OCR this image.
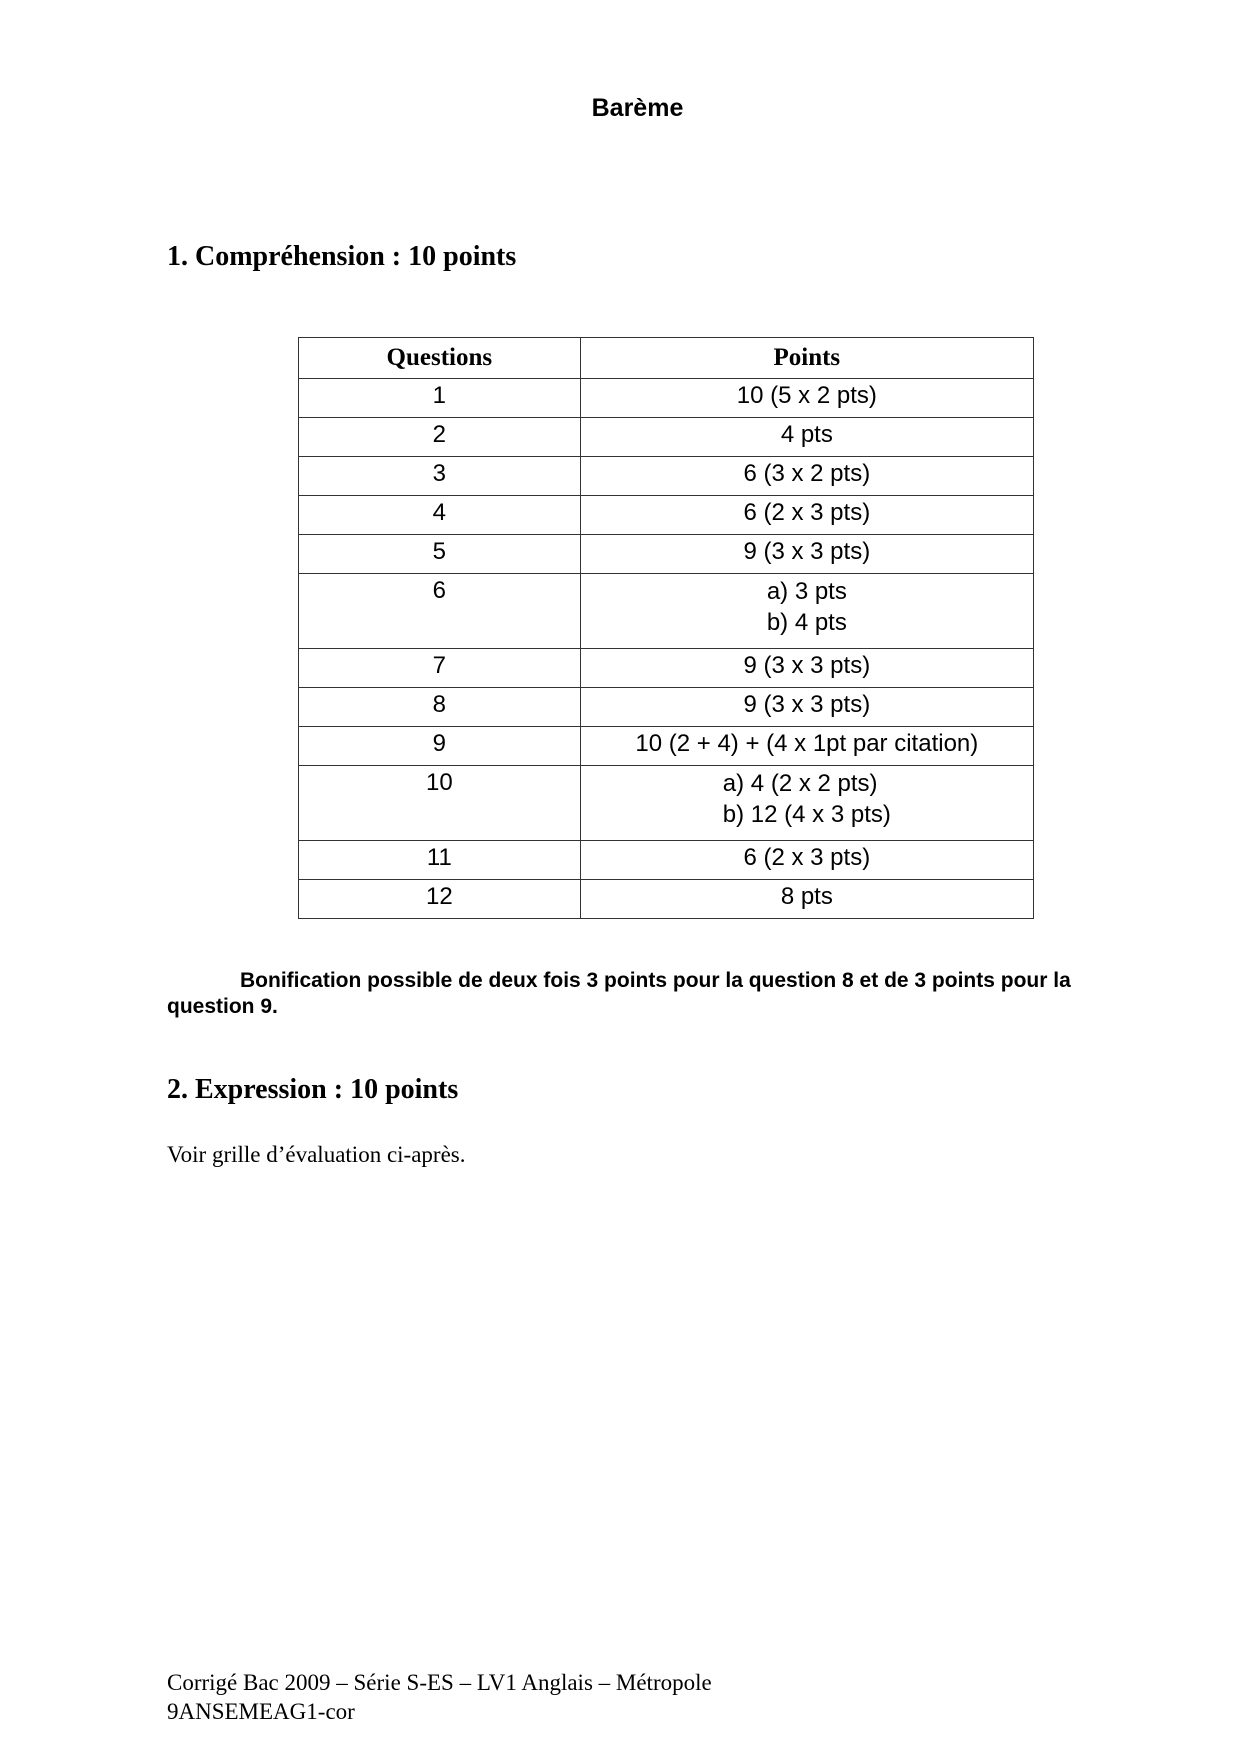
Barème
1. Compréhension : 10 points
Questions	Points
1	10 (5 x 2 pts)
2	4 pts
3	6 (3 x 2 pts)
4	6 (2 x 3 pts)
5	9 (3 x 3 pts)
6	a) 3 pts
b) 4 pts

7	9 (3 x 3 pts)
8	9 (3 x 3 pts)
9	10 (2 + 4) + (4 x 1pt par citation)
10	a) 4 (2 x 2 pts)
b) 12 (4 x 3 pts)

11	6 (2 x 3 pts)
12	8 pts
Bonification possible de deux fois 3 points pour la question 8 et de 3 points pour la question 9.
2. Expression : 10 points
Voir grille d’évaluation ci-après.
Corrigé Bac 2009 – Série S-ES – LV1 Anglais – Métropole
9ANSEMEAG1-cor
